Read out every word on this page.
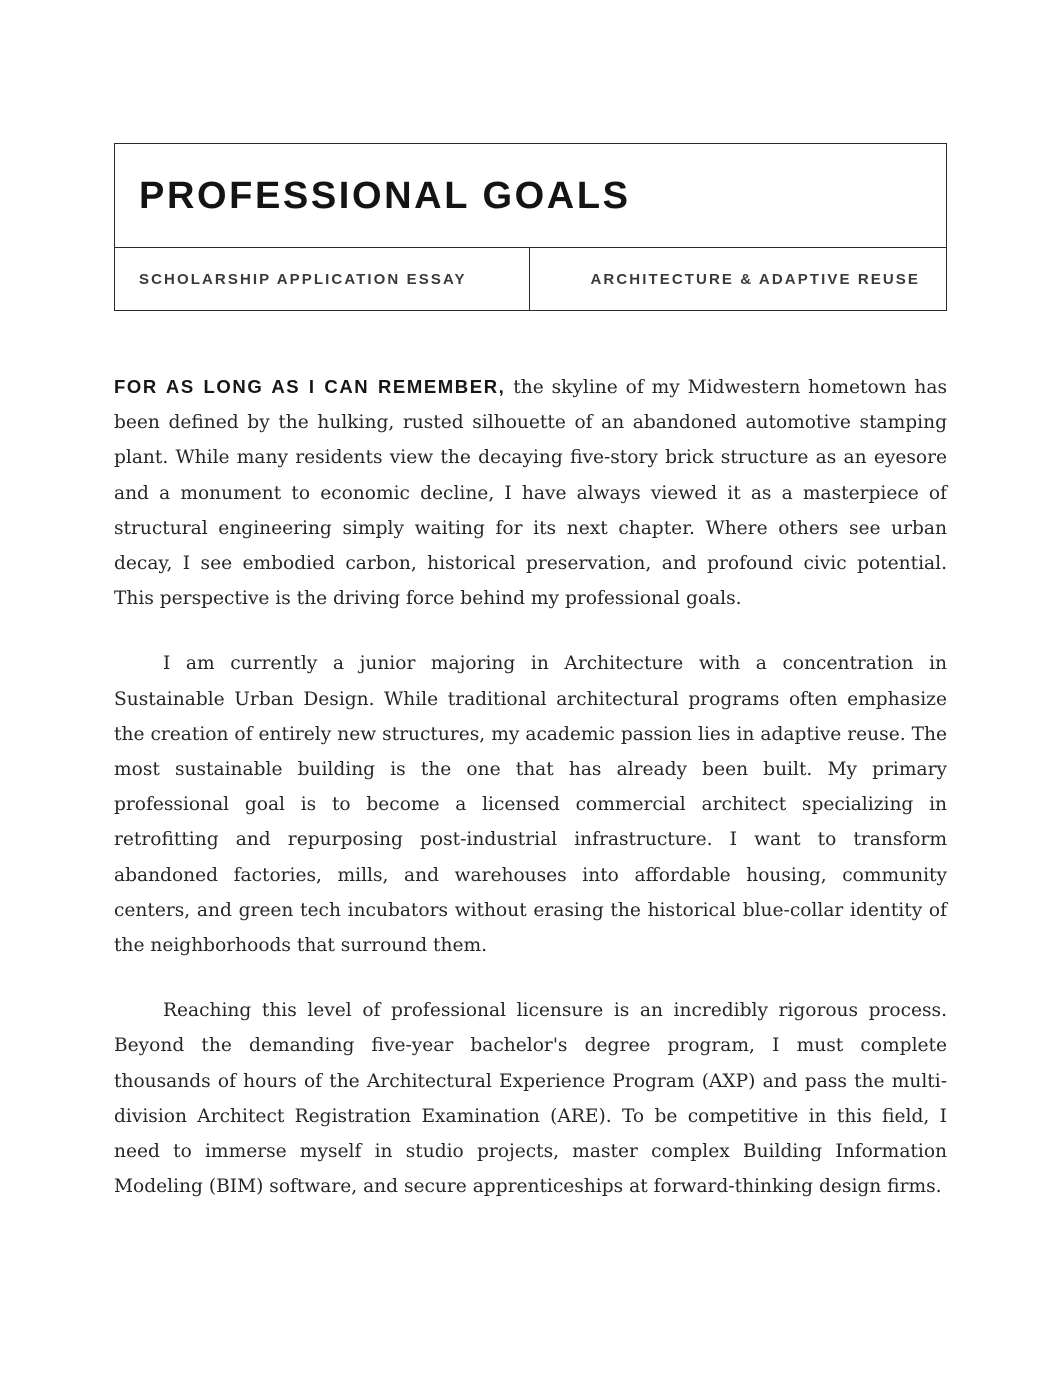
PROFESSIONAL GOALS
SCHOLARSHIP APPLICATION ESSAY	ARCHITECTURE & ADAPTIVE REUSE

FOR AS LONG AS I CAN REMEMBER, the skyline of my Midwestern hometown has been defined by the hulking, rusted silhouette of an abandoned automotive stamping plant. While many residents view the decaying five-story brick structure as an eyesore and a monument to economic decline, I have always viewed it as a masterpiece of structural engineering simply waiting for its next chapter. Where others see urban decay, I see embodied carbon, historical preservation, and profound civic potential. This perspective is the driving force behind my professional goals.

I am currently a junior majoring in Architecture with a concentration in Sustainable Urban Design. While traditional architectural programs often emphasize the creation of entirely new structures, my academic passion lies in adaptive reuse. The most sustainable building is the one that has already been built. My primary professional goal is to become a licensed commercial architect specializing in retrofitting and repurposing post-industrial infrastructure. I want to transform abandoned factories, mills, and warehouses into affordable housing, community centers, and green tech incubators without erasing the historical blue-collar identity of the neighborhoods that surround them.

Reaching this level of professional licensure is an incredibly rigorous process. Beyond the demanding five-year bachelor's degree program, I must complete thousands of hours of the Architectural Experience Program (AXP) and pass the multi-division Architect Registration Examination (ARE). To be competitive in this field, I need to immerse myself in studio projects, master complex Building Information Modeling (BIM) software, and secure apprenticeships at forward-thinking design firms.
